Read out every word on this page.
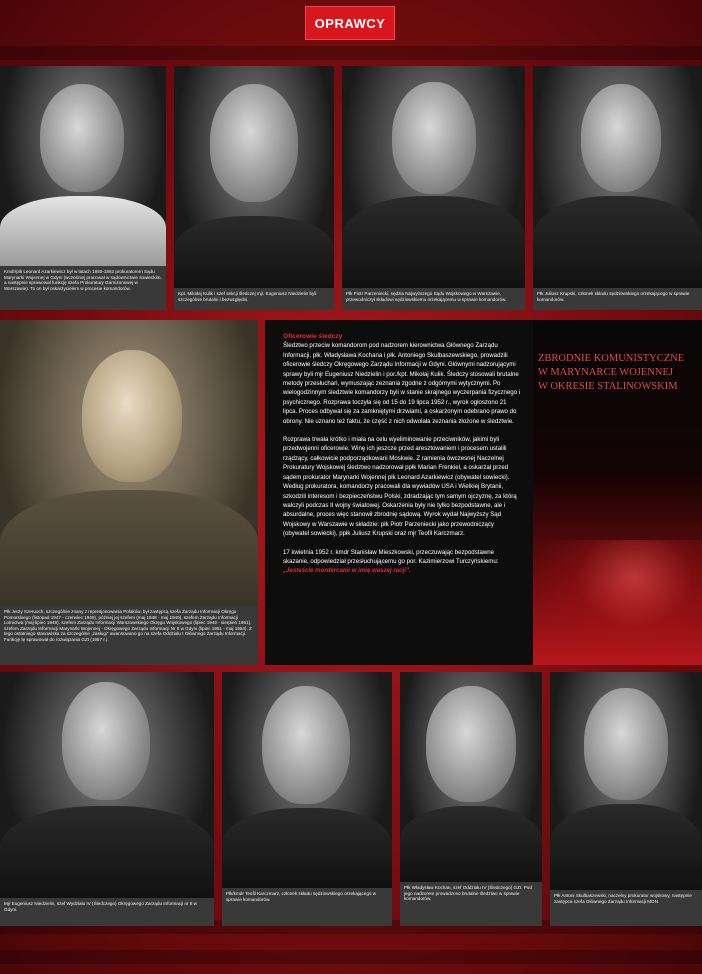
OPRAWCY
Kmdr/plk Leonard Azarkiewicz był w latach 1950-1952 prokuratorem Sądu Marynarki Wojennej w Gdyni (wcześniej pracował w sądownictwie sowieckim, a następnie sprawował funkcję szefa Prokuratury Garnizonowej w Warszawie). To on był oskarżycielem w procesie komandorów.
Kpt. Mikołaj Kulik i szef sekcji śledczej mjr. Eugeniusz Niedzielin byli szczególnie brutalni i bezwzględni.
Płk Piotr Parzeniecki, sędzia Najwyższego Sądu Wojskowego w Warszawie, przewodniczył składowi sędziowskiemu orzekającemu w sprawie komandorów.
Płk Juliusz Krupski, członek składu sędziowskiego orzekającego w sprawie komandorów.
Płk Jerzy Szeruoch, szczególnie znany z represjonowania Polaków, był zastępcą szefa Zarządu Informacji Okręgu Pomorskiego (listopad 1947 - czerwiec 1949), później jej szefem (maj 1948 - maj 1949), szefem Zarządu Informacji Lotnictwa (maj-lipiec 1949), szefem Zarządu Informacji Warszawskiego Okręgu Wojskowego (lipiec 1949 - sierpień 1951), szefem Zarządu Informacji Marynarki Wojennej - Okręgowego Zarządu Informacji Nr 8 w Gdyni (lipiec 1951 - maj 1954). Z tego ostatniego stanowiska za szczególne „zasługi” awansowano go na szefa Oddziału I Głównego Zarządu Informacji. Funkcję tę sprawował do rozwiązania GZI (1957 r.).
Oficerowie śledczy

Śledztwo przeciw komandorom pod nadzorem kierownictwa Głównego Zarządu Informacji, płk. Władysława Kochana i płk. Antoniego Skulbaszewskiego, prowadzili oficerowie śledczy Okręgowego Zarządu Informacji w Gdyni. Głównymi nadzorującymi sprawy byli mjr Eugeniusz Niedzielin i por./kpt. Mikołaj Kulik. Śledczy stosowali brutalne metody przesłuchań, wymuszając zeznania zgodne z odgórnymi wytycznymi. Po wielogodzinnym śledztwie komandorzy byli w stanie skrajnego wyczerpania fizycznego i psychicznego. Rozprawa toczyła się od 15 do 19 lipca 1952 r., wyrok ogłoszono 21 lipca. Proces odbywał się za zamkniętymi drzwiami, a oskarżonym odebrano prawo do obrony. Nie uznano też faktu, że część z nich odwołała zeznania złożone w śledztwie.

Rozprawa trwała krótko i miała na celu wyeliminowanie przeciwników, jakimi byli przedwojenni oficerowie. Winę ich jeszcze przed aresztowaniem i procesem ustalili rządzący, całkowicie podporządkowani Moskwie. Z ramienia ówczesnej Naczelnej Prokuratury Wojskowej śledztwo nadzorował ppłk Marian Frenkiel, a oskarżał przed sądem prokurator Marynarki Wojennej płk Leonard Azarkiewicz (obywatel sowiecki). Według prokuratora, komandorzy pracowali dla wywiadów USA i Wielkiej Brytanii, szkodzili interesom i bezpieczeństwu Polski, zdradzając tym samym ojczyznę, za którą walczyli podczas II wojny światowej. Oskarżenia były nie tylko bezpodstawne, ale i absurdalne, proces więc stanowił zbrodnię sądową. Wyrok wydał Najwyższy Sąd Wojskowy w Warszawie w składzie: płk Piotr Parzeniecki jako przewodniczący (obywatel sowiecki), ppłk Juliusz Krupski oraz mjr Teofil Karczmarz.

17 kwietnia 1952 r. kmdr Stanisław Mieszkowski, przeczuwając bezpodstawne skazanie, odpowiedział przesłuchującemu go por. Kazimierzowi Turczyńskiemu:

„Jesteście mordercami w imię waszej racji”.
ZBRODNIE KOMUNISTYCZNE
W MARYNARCE WOJENNEJ
W OKRESIE STALINOWSKIM
Mjr Eugeniusz Niedzielin, szef Wydziału IV (Śledczego) Okręgowego Zarządu Informacji nr 8 w Gdyni.
Płk/kmdr Teofil Karczmarz, członek składu sędziowskiego orzekającego w sprawie komandorów.
Płk Władysław Kochan, szef Oddziału IV (Śledczego) GZI. Pod jego nadzorem prowadzono brutalne śledztwo w sprawie komandorów.
Płk Antoni Skulbaszewski, naczelny prokurator wojskowy, następnie zastępca szefa Głównego Zarządu Informacji MON.
